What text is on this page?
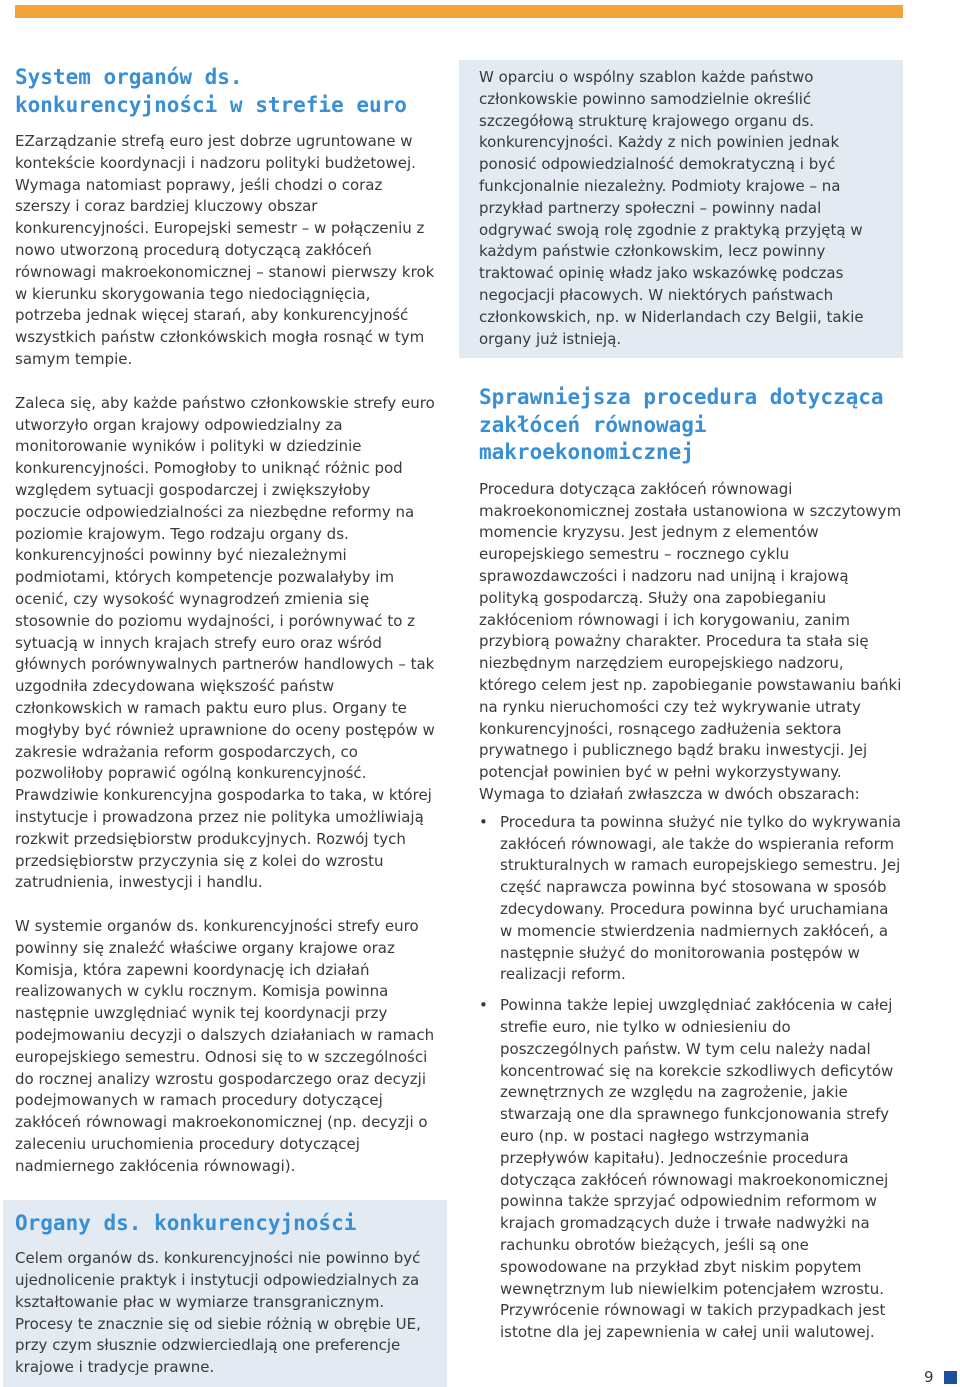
System organów ds. konkurencyjności w strefie euro

EZarządzanie strefą euro jest dobrze ugruntowane w kontekście koordynacji i nadzoru polityki budżetowej. Wymaga natomiast poprawy, jeśli chodzi o coraz szerszy i coraz bardziej kluczowy obszar konkurencyjności. Europejski semestr – w połączeniu z nowo utworzoną procedurą dotyczącą zakłóceń równowagi makroekonomicznej – stanowi pierwszy krok w kierunku skorygowania tego niedociągnięcia, potrzeba jednak więcej starań, aby konkurencyjność wszystkich państw członkówskich mogła rosnąć w tym samym tempie.

Zaleca się, aby każde państwo członkowskie strefy euro utworzyło organ krajowy odpowiedzialny za monitorowanie wyników i polityki w dziedzinie konkurencyjności. Pomogłoby to uniknąć różnic pod względem sytuacji gospodarczej i zwiększyłoby poczucie odpowiedzialności za niezbędne reformy na poziomie krajowym. Tego rodzaju organy ds. konkurencyjności powinny być niezależnymi podmiotami, których kompetencje pozwalałyby im ocenić, czy wysokość wynagrodzeń zmienia się stosownie do poziomu wydajności, i porównywać to z sytuacją w innych krajach strefy euro oraz wśród głównych porównywalnych partnerów handlowych – tak uzgodniła zdecydowana większość państw członkowskich w ramach paktu euro plus. Organy te mogłyby być również uprawnione do oceny postępów w zakresie wdrażania reform gospodarczych, co pozwoliłoby poprawić ogólną konkurencyjność. Prawdziwie konkurencyjna gospodarka to taka, w której instytucje i prowadzona przez nie polityka umożliwiają rozkwit przedsiębiorstw produkcyjnych. Rozwój tych przedsiębiorstw przyczynia się z kolei do wzrostu zatrudnienia, inwestycji i handlu.

W systemie organów ds. konkurencyjności strefy euro powinny się znaleźć właściwe organy krajowe oraz Komisja, która zapewni koordynację ich działań realizowanych w cyklu rocznym. Komisja powinna następnie uwzględniać wynik tej koordynacji przy podejmowaniu decyzji o dalszych działaniach w ramach europejskiego semestru. Odnosi się to w szczególności do rocznej analizy wzrostu gospodarczego oraz decyzji podejmowanych w ramach procedury dotyczącej zakłóceń równowagi makroekonomicznej (np. decyzji o zaleceniu uruchomienia procedury dotyczącej nadmiernego zakłócenia równowagi).

Organy ds. konkurencyjności

Celem organów ds. konkurencyjności nie powinno być ujednolicenie praktyk i instytucji odpowiedzialnych za kształtowanie płac w wymiarze transgranicznym. Procesy te znacznie się od siebie różnią w obrębie UE, przy czym słusznie odzwierciedlają one preferencje krajowe i tradycje prawne.

W oparciu o wspólny szablon każde państwo członkowskie powinno samodzielnie określić szczegółową strukturę krajowego organu ds. konkurencyjności. Każdy z nich powinien jednak ponosić odpowiedzialność demokratyczną i być funkcjonalnie niezależny. Podmioty krajowe – na przykład partnerzy społeczni – powinny nadal odgrywać swoją rolę zgodnie z praktyką przyjętą w każdym państwie członkowskim, lecz powinny traktować opinię władz jako wskazówkę podczas negocjacji płacowych. W niektórych państwach członkowskich, np. w Niderlandach czy Belgii, takie organy już istnieją.

Sprawniejsza procedura dotycząca zakłóceń równowagi makroekonomicznej

Procedura dotycząca zakłóceń równowagi makroekonomicznej została ustanowiona w szczytowym momencie kryzysu. Jest jednym z elementów europejskiego semestru – rocznego cyklu sprawozdawczości i nadzoru nad unijną i krajową polityką gospodarczą. Służy ona zapobieganiu zakłóceniom równowagi i ich korygowaniu, zanim przybiorą poważny charakter. Procedura ta stała się niezbędnym narzędziem europejskiego nadzoru, którego celem jest np. zapobieganie powstawaniu bańki na rynku nieruchomości czy też wykrywanie utraty konkurencyjności, rosnącego zadłużenia sektora prywatnego i publicznego bądź braku inwestycji. Jej potencjał powinien być w pełni wykorzystywany. Wymaga to działań zwłaszcza w dwóch obszarach:

• Procedura ta powinna służyć nie tylko do wykrywania zakłóceń równowagi, ale także do wspierania reform strukturalnych w ramach europejskiego semestru. Jej część naprawcza powinna być stosowana w sposób zdecydowany. Procedura powinna być uruchamiana w momencie stwierdzenia nadmiernych zakłóceń, a następnie służyć do monitorowania postępów w realizacji reform.
• Powinna także lepiej uwzględniać zakłócenia w całej strefie euro, nie tylko w odniesieniu do poszczególnych państw. W tym celu należy nadal koncentrować się na korekcie szkodliwych deficytów zewnętrznych ze względu na zagrożenie, jakie stwarzają one dla sprawnego funkcjonowania strefy euro (np. w postaci nagłego wstrzymania przepływów kapitału). Jednocześnie procedura dotycząca zakłóceń równowagi makroekonomicznej powinna także sprzyjać odpowiednim reformom w krajach gromadzących duże i trwałe nadwyżki na rachunku obrotów bieżących, jeśli są one spowodowane na przykład zbyt niskim popytem wewnętrznym lub niewielkim potencjałem wzrostu. Przywrócenie równowagi w takich przypadkach jest istotne dla jej zapewnienia w całej unii walutowej.
9
